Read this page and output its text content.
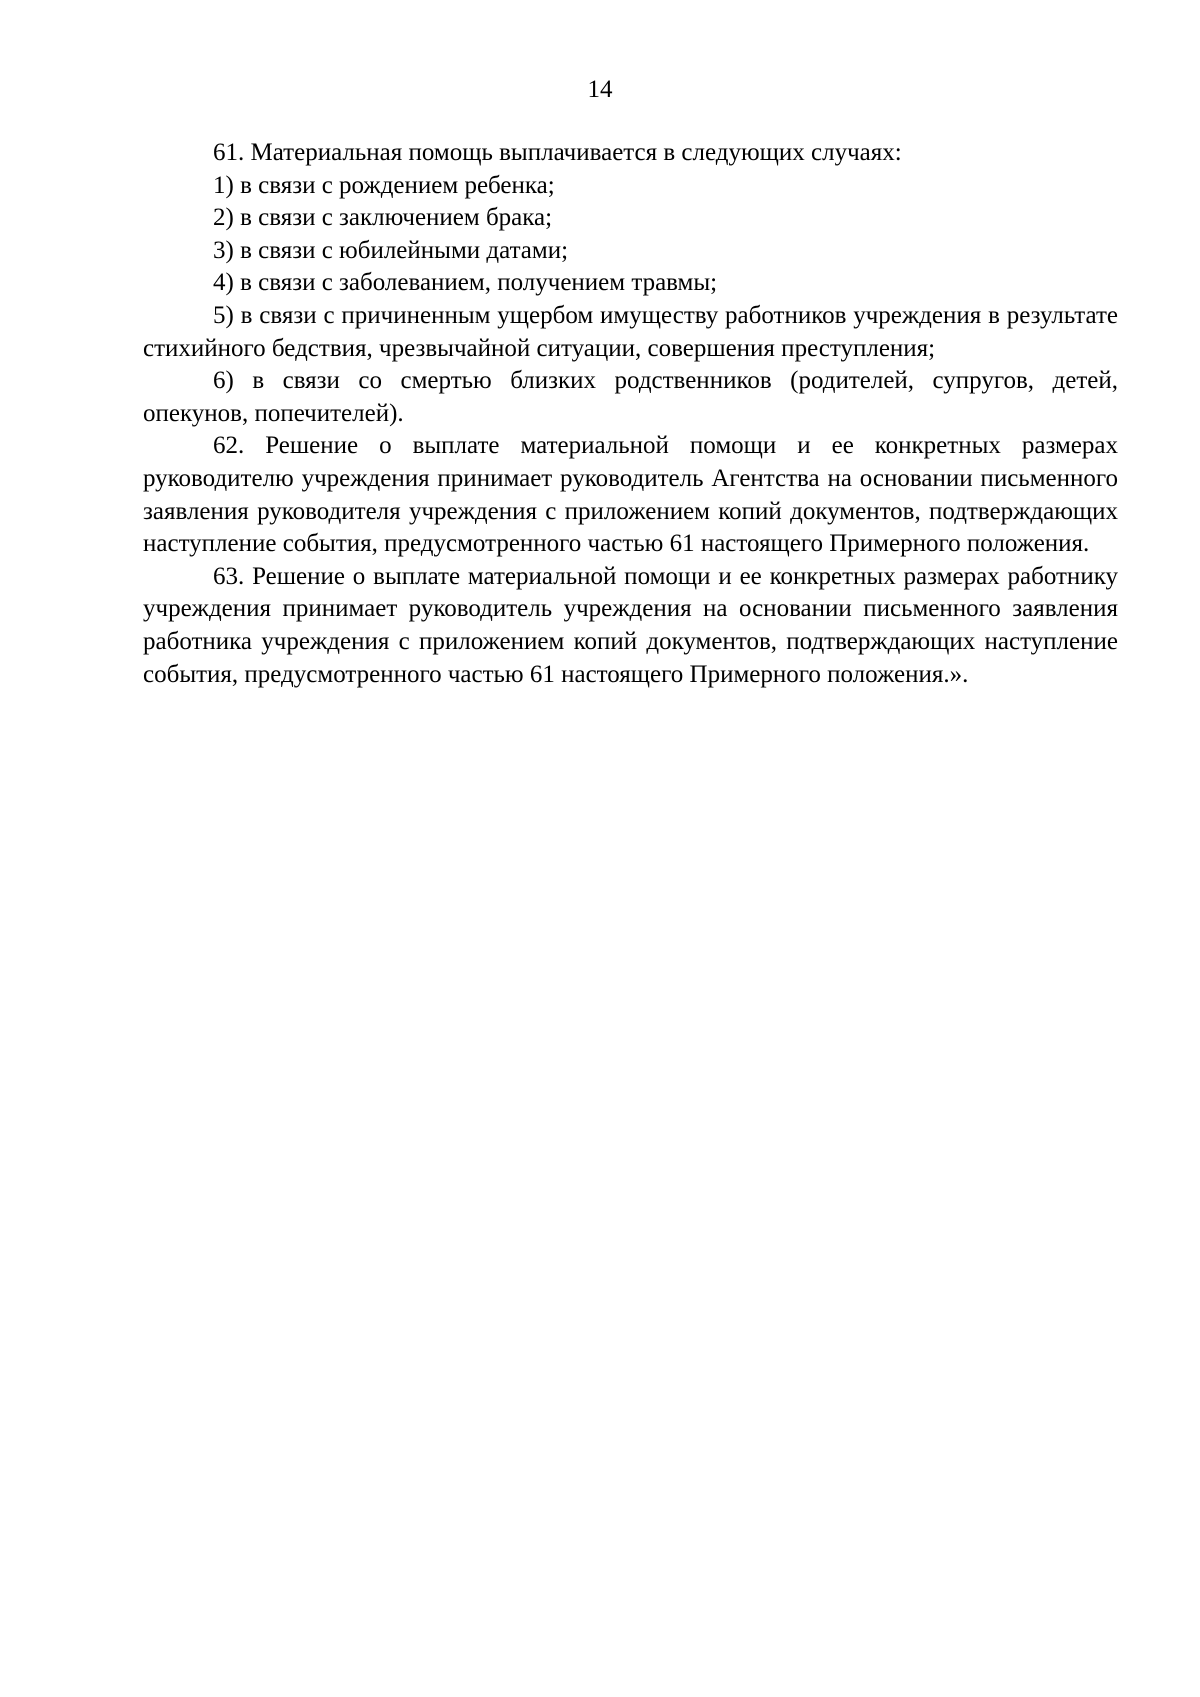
14

61. Материальная помощь выплачивается в следующих случаях:

1) в связи с рождением ребенка;

2) в связи с заключением брака;

3) в связи с юбилейными датами;

4) в связи с заболеванием, получением травмы;

5) в связи с причиненным ущербом имуществу работников учреждения в результате стихийного бедствия, чрезвычайной ситуации, совершения преступления;

6) в связи со смертью близких родственников (родителей, супругов, детей, опекунов, попечителей).

62. Решение о выплате материальной помощи и ее конкретных размерах руководителю учреждения принимает руководитель Агентства на основании письменного заявления руководителя учреждения с приложением копий документов, подтверждающих наступление события, предусмотренного частью 61 настоящего Примерного положения.

63. Решение о выплате материальной помощи и ее конкретных размерах работнику учреждения принимает руководитель учреждения на основании письменного заявления работника учреждения с приложением копий документов, подтверждающих наступление события, предусмотренного частью 61 настоящего Примерного положения.».
